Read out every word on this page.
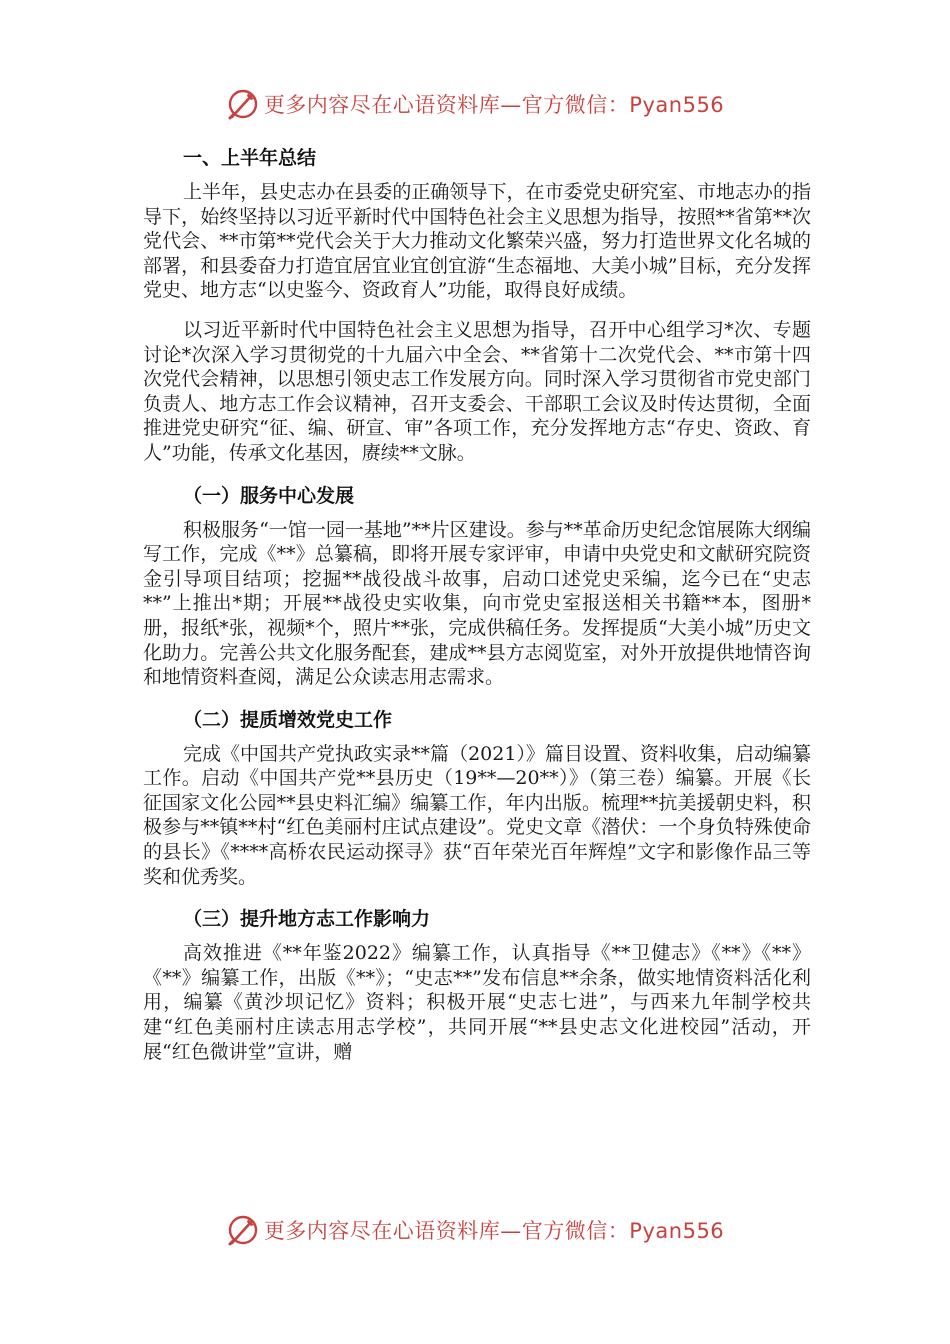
更多内容尽在心语资料库—官方微信：Pyan556

一、上半年总结

上半年，县史志办在县委的正确领导下，在市委党史研究室、市地志办的指导下，始终坚持以习近平新时代中国特色社会主义思想为指导，按照**省第**次党代会、**市第**党代会关于大力推动文化繁荣兴盛，努力打造世界文化名城的部署，和县委奋力打造宜居宜业宜创宜游“生态福地、大美小城”目标，充分发挥党史、地方志“以史鉴今、资政育人”功能，取得良好成绩。

以习近平新时代中国特色社会主义思想为指导，召开中心组学习*次、专题讨论*次深入学习贯彻党的十九届六中全会、**省第十二次党代会、**市第十四次党代会精神，以思想引领史志工作发展方向。同时深入学习贯彻省市党史部门负责人、地方志工作会议精神，召开支委会、干部职工会议及时传达贯彻，全面推进党史研究“征、编、研宣、审”各项工作，充分发挥地方志“存史、资政、育人”功能，传承文化基因，赓续**文脉。

（一）服务中心发展

积极服务“一馆一园一基地”**片区建设。参与**革命历史纪念馆展陈大纲编写工作，完成《**》总纂稿，即将开展专家评审，申请中央党史和文献研究院资金引导项目结项；挖掘**战役战斗故事，启动口述党史采编，迄今已在“史志**”上推出*期；开展**战役史实收集，向市党史室报送相关书籍**本，图册*册，报纸*张，视频*个，照片**张，完成供稿任务。发挥提质“大美小城”历史文化助力。完善公共文化服务配套，建成**县方志阅览室，对外开放提供地情咨询和地情资料查阅，满足公众读志用志需求。

（二）提质增效党史工作

完成《中国共产党执政实录**篇（2021）》篇目设置、资料收集，启动编纂工作。启动《中国共产党**县历史（19**—20**）》（第三卷）编纂。开展《长征国家文化公园**县史料汇编》编纂工作，年内出版。梳理**抗美援朝史料，积极参与**镇**村“红色美丽村庄试点建设”。党史文章《潜伏：一个身负特殊使命的县长》《****高桥农民运动探寻》获“百年荣光百年辉煌”文字和影像作品三等奖和优秀奖。

（三）提升地方志工作影响力

高效推进《**年鉴2022》编纂工作，认真指导《**卫健志》《**》《**》《**》编纂工作，出版《**》；“史志**”发布信息**余条，做实地情资料活化利用，编纂《黄沙坝记忆》资料；积极开展“史志七进”，与西来九年制学校共建“红色美丽村庄读志用志学校”，共同开展“**县史志文化进校园”活动，开展“红色微讲堂”宣讲，赠

更多内容尽在心语资料库—官方微信：Pyan556
